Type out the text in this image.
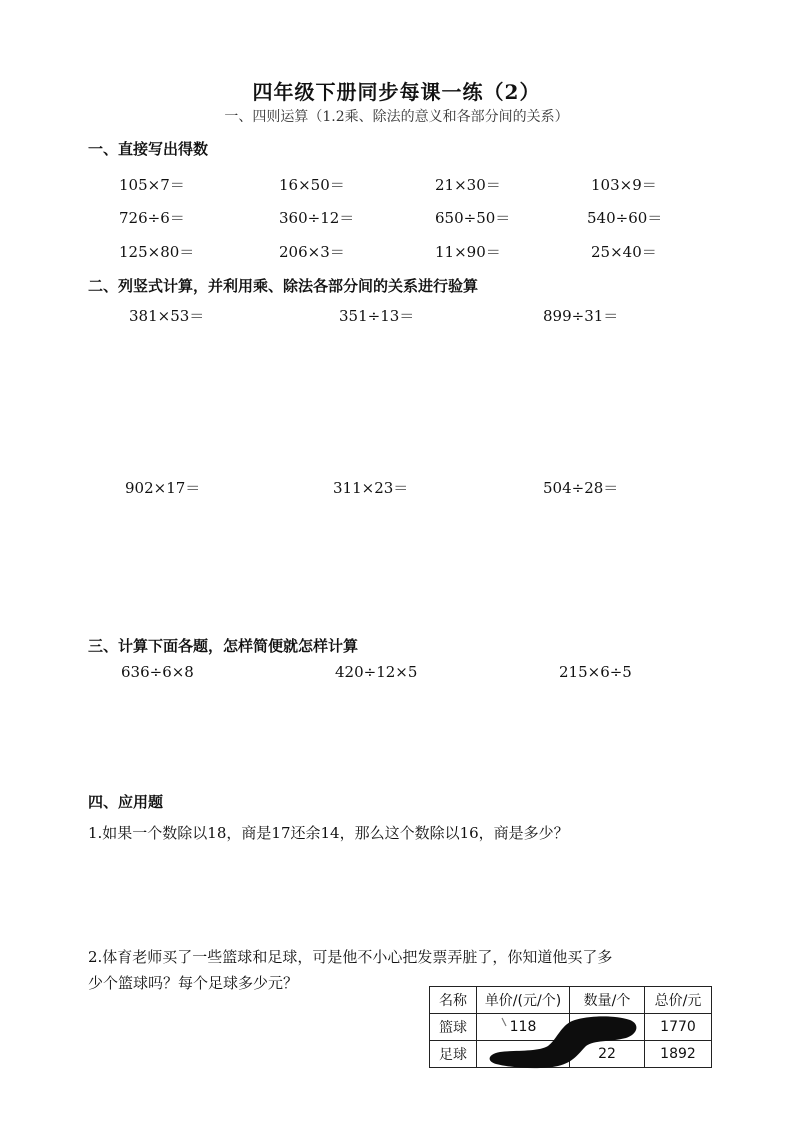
四年级下册同步每课一练（2）
一、四则运算（1.2乘、除法的意义和各部分间的关系）
一、直接写出得数
105×7＝	16×50＝	21×30＝	103×9＝
726÷6＝	360÷12＝	650÷50＝	540÷60＝
125×80＝	206×3＝	11×90＝	25×40＝
二、列竖式计算，并利用乘、除法各部分间的关系进行验算
381×53＝	351÷13＝	899÷31＝
902×17＝	311×23＝	504÷28＝
三、计算下面各题，怎样简便就怎样计算
636÷6×8	420÷12×5	215×6÷5
四、应用题
1.如果一个数除以18，商是17还余14，那么这个数除以16，商是多少？
2.体育老师买了一些篮球和足球，可是他不小心把发票弄脏了，你知道他买了多
少个篮球吗？每个足球多少元？
名称	单价/(元/个)	数量/个	总价/元
篮球	118		1770
足球		22	1892
